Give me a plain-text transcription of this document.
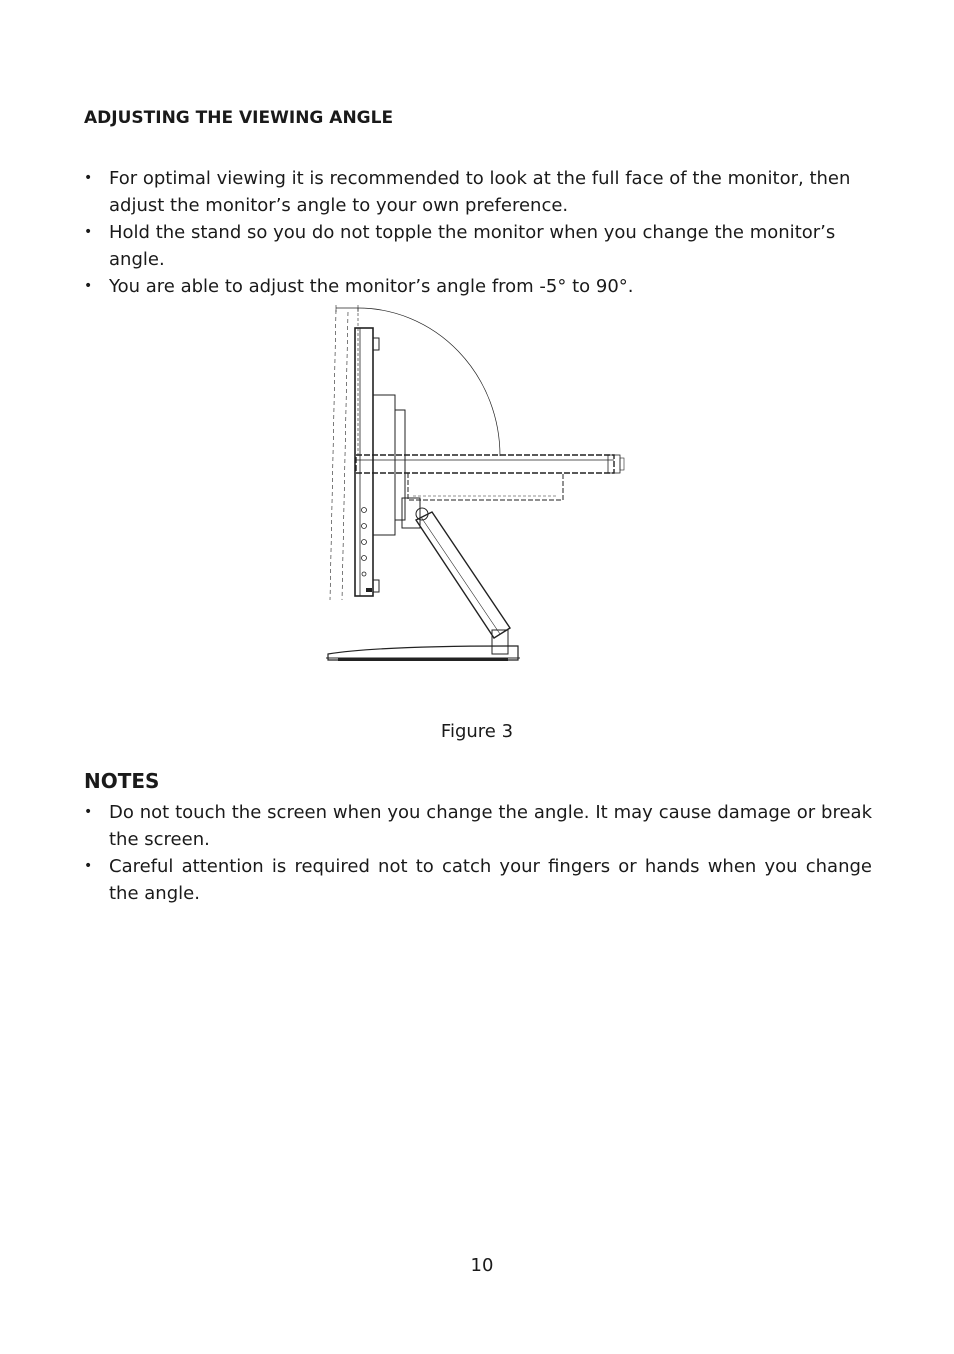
ADJUSTING THE VIEWING ANGLE
• For optimal viewing it is recommended to look at the full face of the monitor, then adjust the monitor’s angle to your own preference.
• Hold the stand so you do not topple the monitor when you change the monitor’s angle.
• You are able to adjust the monitor’s angle from -5° to 90°.

Figure 3

NOTES
• Do not touch the screen when you change the angle. It may cause damage or break the screen.
• Careful attention is required not to catch your fingers or hands when you change the angle.

10
